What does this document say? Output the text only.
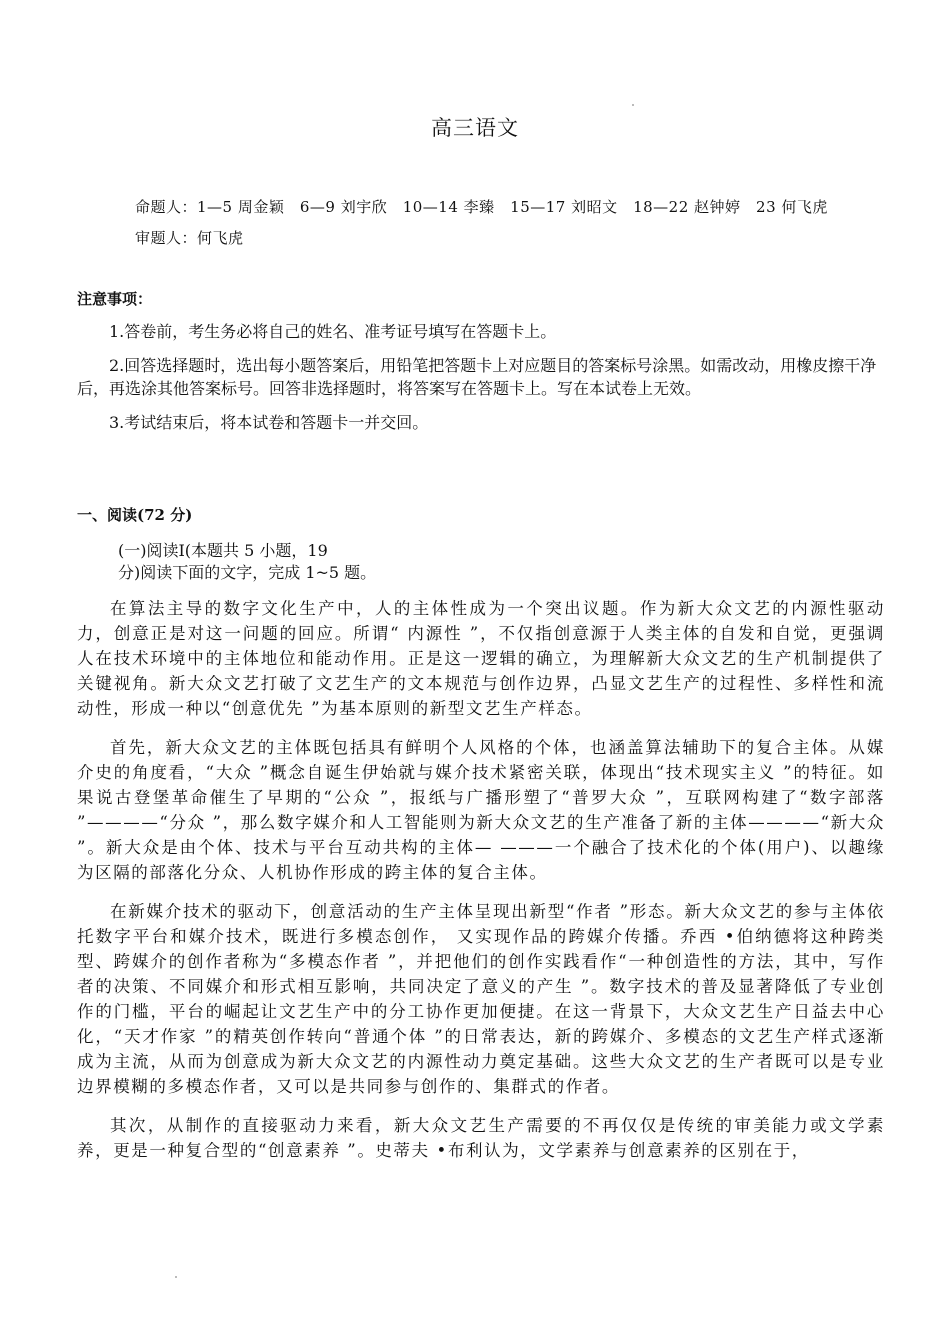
高三语文
命题人：1—5 周金颖　6—9 刘宇欣　10—14 李臻　15—17 刘昭文　18—22 赵钟婷　23 何飞虎
审题人：何飞虎
注意事项：

1.答卷前，考生务必将自己的姓名、准考证号填写在答题卡上。

2.回答选择题时，选出每小题答案后，用铅笔把答题卡上对应题目的答案标号涂黑。如需改动，用橡皮擦干净后，再选涂其他答案标号。回答非选择题时，将答案写在答题卡上。写在本试卷上无效。

3.考试结束后，将本试卷和答题卡一并交回。

一、阅读(72 分)
(一)阅读Ⅰ(本题共 5 小题，19
分)阅读下面的文字，完成 1~5 题。

在算法主导的数字文化生产中，人的主体性成为一个突出议题。作为新大众文艺的内源性驱动力，创意正是对这一问题的回应。所谓“ 内源性 ”，不仅指创意源于人类主体的自发和自觉，更强调人在技术环境中的主体地位和能动作用。正是这一逻辑的确立，为理解新大众文艺的生产机制提供了关键视角。新大众文艺打破了文艺生产的文本规范与创作边界，凸显文艺生产的过程性、多样性和流动性，形成一种以“创意优先 ”为基本原则的新型文艺生产样态。

首先，新大众文艺的主体既包括具有鲜明个人风格的个体，也涵盖算法辅助下的复合主体。从媒介史的角度看，“大众 ”概念自诞生伊始就与媒介技术紧密关联，体现出“技术现实主义 ”的特征。如果说古登堡革命催生了早期的“公众 ”，报纸与广播形塑了“普罗大众 ”，互联网构建了“数字部落 ”————“分众 ”，那么数字媒介和人工智能则为新大众文艺的生产准备了新的主体————“新大众 ”。新大众是由个体、技术与平台互动共构的主体— ———一个融合了技术化的个体(用户)、以趣缘为区隔的部落化分众、人机协作形成的跨主体的复合主体。

在新媒介技术的驱动下，创意活动的生产主体呈现出新型“作者 ”形态。新大众文艺的参与主体依托数字平台和媒介技术，既进行多模态创作， 又实现作品的跨媒介传播。乔西 •伯纳德将这种跨类型、跨媒介的创作者称为“多模态作者 ”，并把他们的创作实践看作“一种创造性的方法，其中，写作者的决策、不同媒介和形式相互影响，共同决定了意义的产生 ”。数字技术的普及显著降低了专业创作的门槛，平台的崛起让文艺生产中的分工协作更加便捷。在这一背景下，大众文艺生产日益去中心化，“天才作家 ”的精英创作转向“普通个体 ”的日常表达，新的跨媒介、多模态的文艺生产样式逐渐成为主流，从而为创意成为新大众文艺的内源性动力奠定基础。这些大众文艺的生产者既可以是专业边界模糊的多模态作者，又可以是共同参与创作的、集群式的作者。

其次，从制作的直接驱动力来看，新大众文艺生产需要的不再仅仅是传统的审美能力或文学素养，更是一种复合型的“创意素养 ”。史蒂夫 •布利认为，文学素养与创意素养的区别在于，
